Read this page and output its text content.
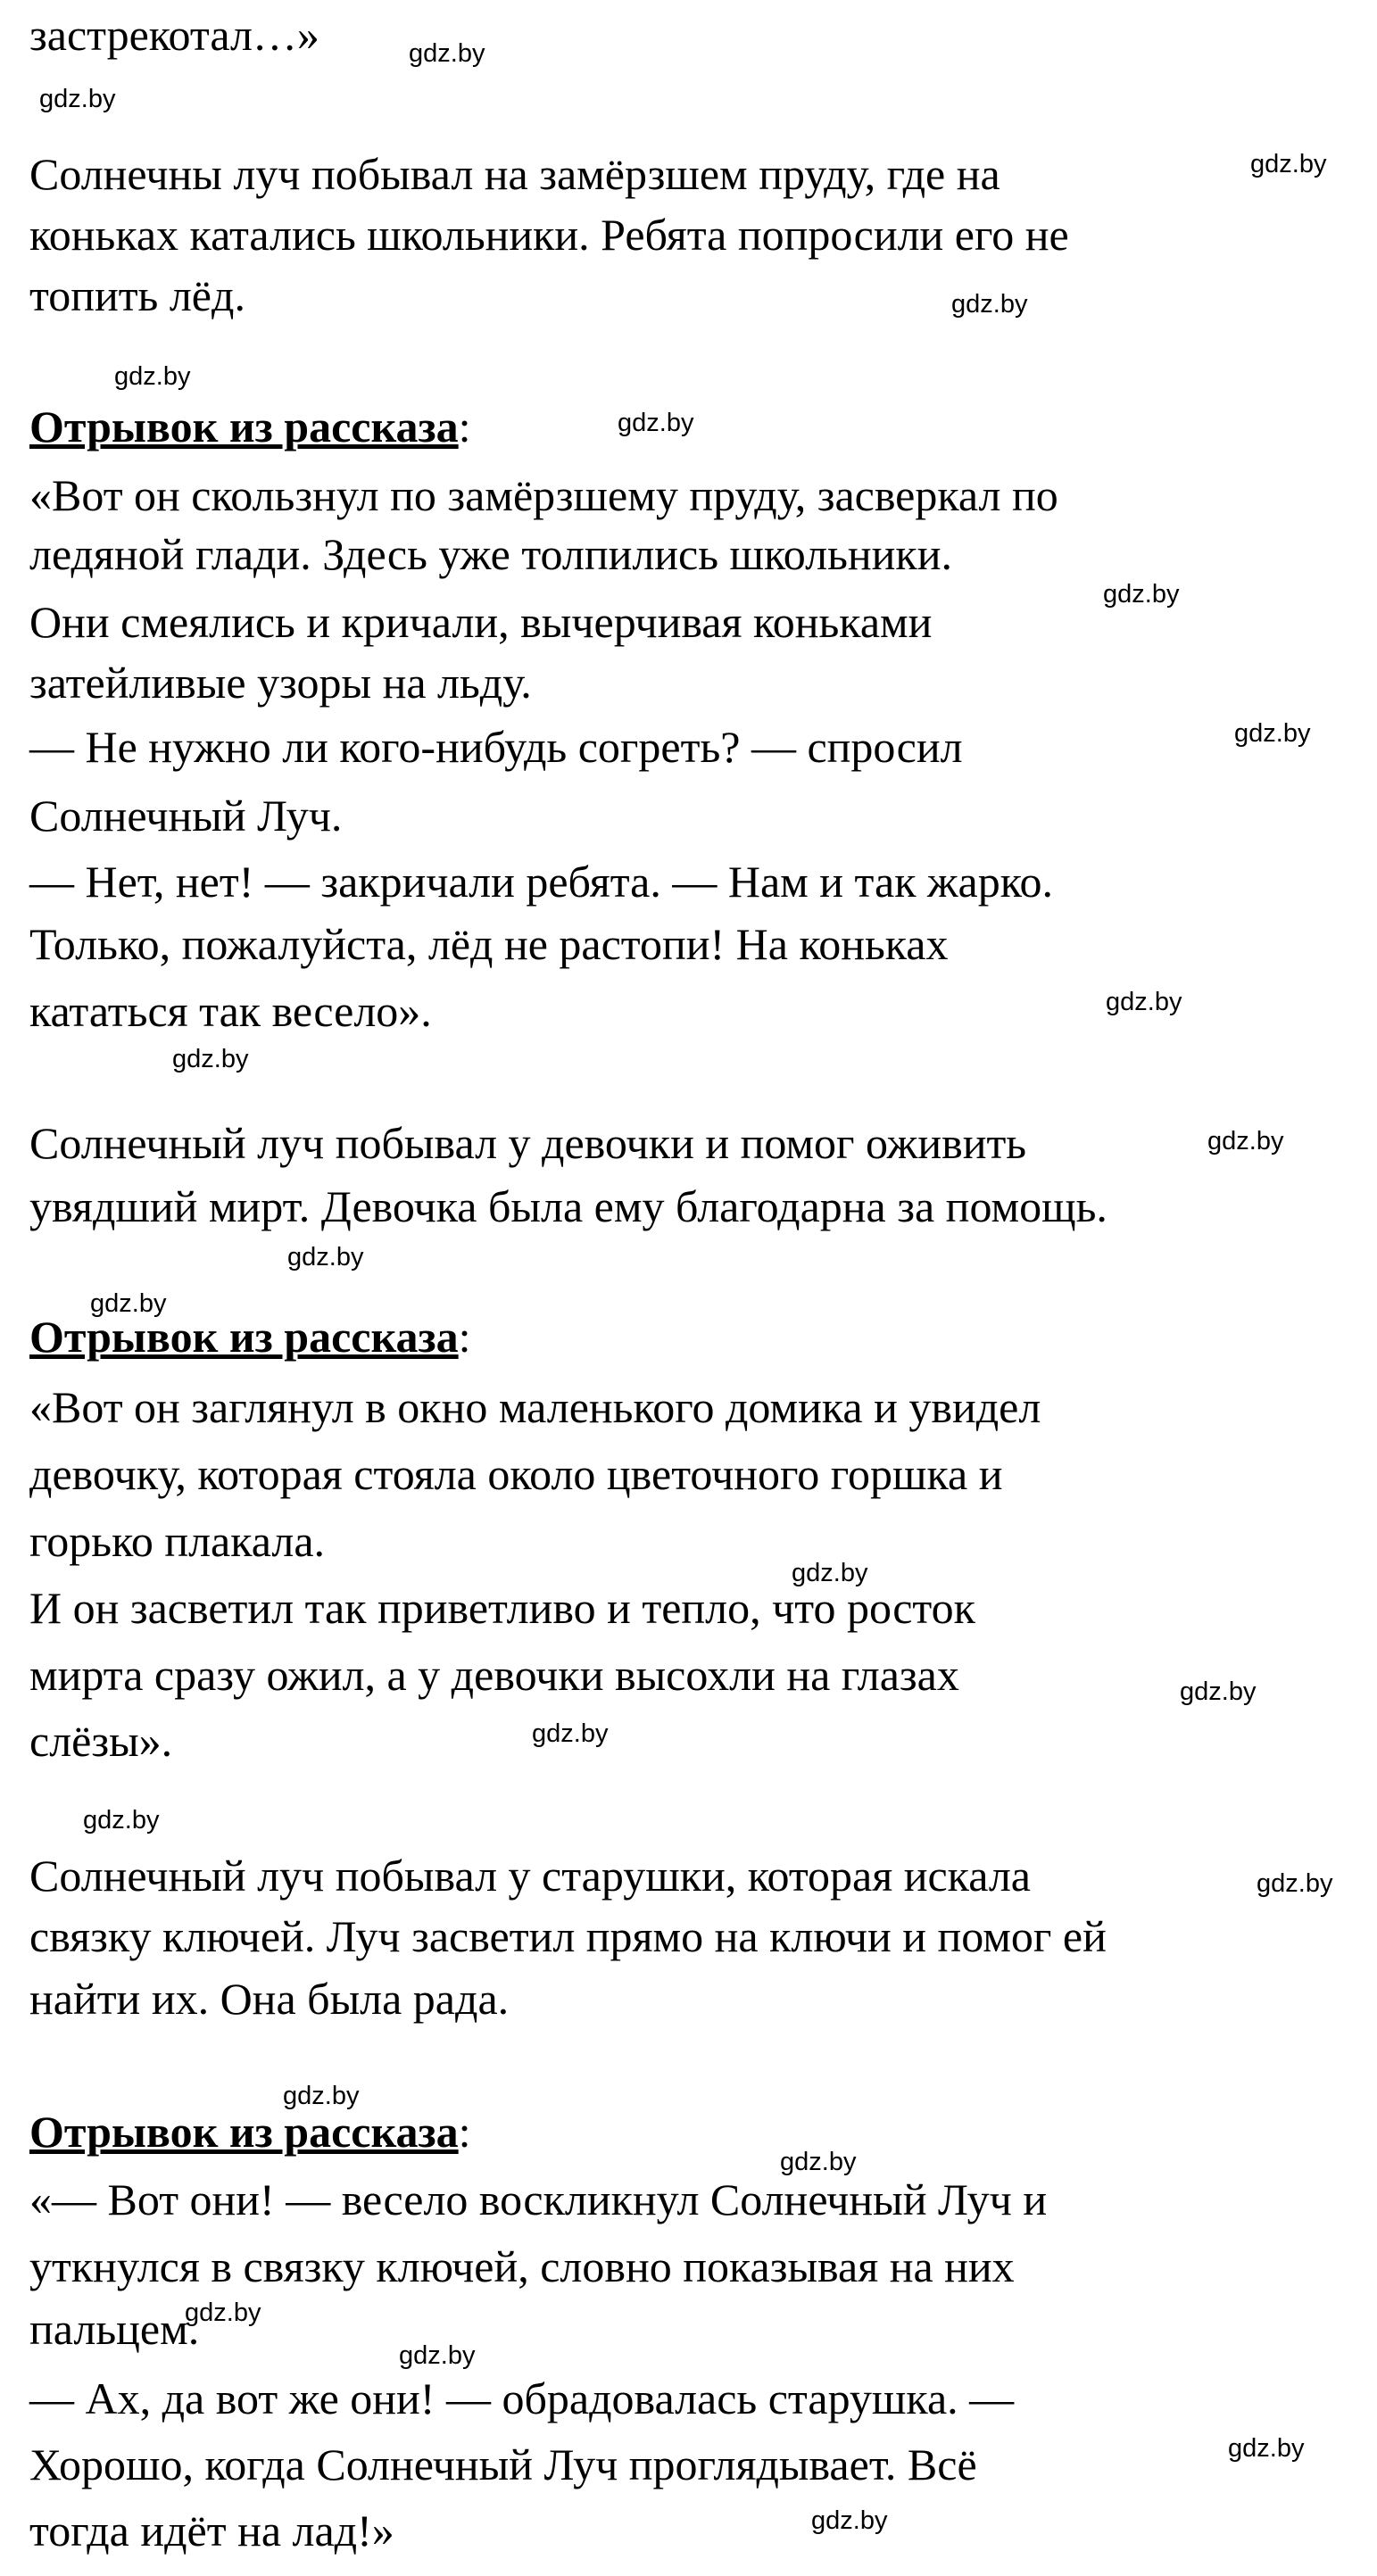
застрекотал…»
Солнечны луч побывал на замёрзшем пруду, где на
коньках катались школьники. Ребята попросили его не
топить лёд.
Отрывок из рассказа:
«Вот он скользнул по замёрзшему пруду, засверкал по
ледяной глади. Здесь уже толпились школьники.
Они смеялись и кричали, вычерчивая коньками
затейливые узоры на льду.
— Не нужно ли кого-нибудь согреть? — спросил
Солнечный Луч.
— Нет, нет! — закричали ребята. — Нам и так жарко.
Только, пожалуйста, лёд не растопи! На коньках
кататься так весело».
Солнечный луч побывал у девочки и помог оживить
увядший мирт. Девочка была ему благодарна за помощь.
Отрывок из рассказа:
«Вот он заглянул в окно маленького домика и увидел
девочку, которая стояла около цветочного горшка и
горько плакала.
И он засветил так приветливо и тепло, что росток
мирта сразу ожил, а у девочки высохли на глазах
слёзы».
Солнечный луч побывал у старушки, которая искала
связку ключей. Луч засветил прямо на ключи и помог ей
найти их. Она была рада.
Отрывок из рассказа:
«— Вот они! — весело воскликнул Солнечный Луч и
уткнулся в связку ключей, словно показывая на них
пальцем.
— Ах, да вот же они! — обрадовалась старушка. —
Хорошо, когда Солнечный Луч проглядывает. Всё
тогда идёт на лад!»
gdz.by
gdz.by
gdz.by
gdz.by
gdz.by
gdz.by
gdz.by
gdz.by
gdz.by
gdz.by
gdz.by
gdz.by
gdz.by
gdz.by
gdz.by
gdz.by
gdz.by
gdz.by
gdz.by
gdz.by
gdz.by
gdz.by
gdz.by
gdz.by
